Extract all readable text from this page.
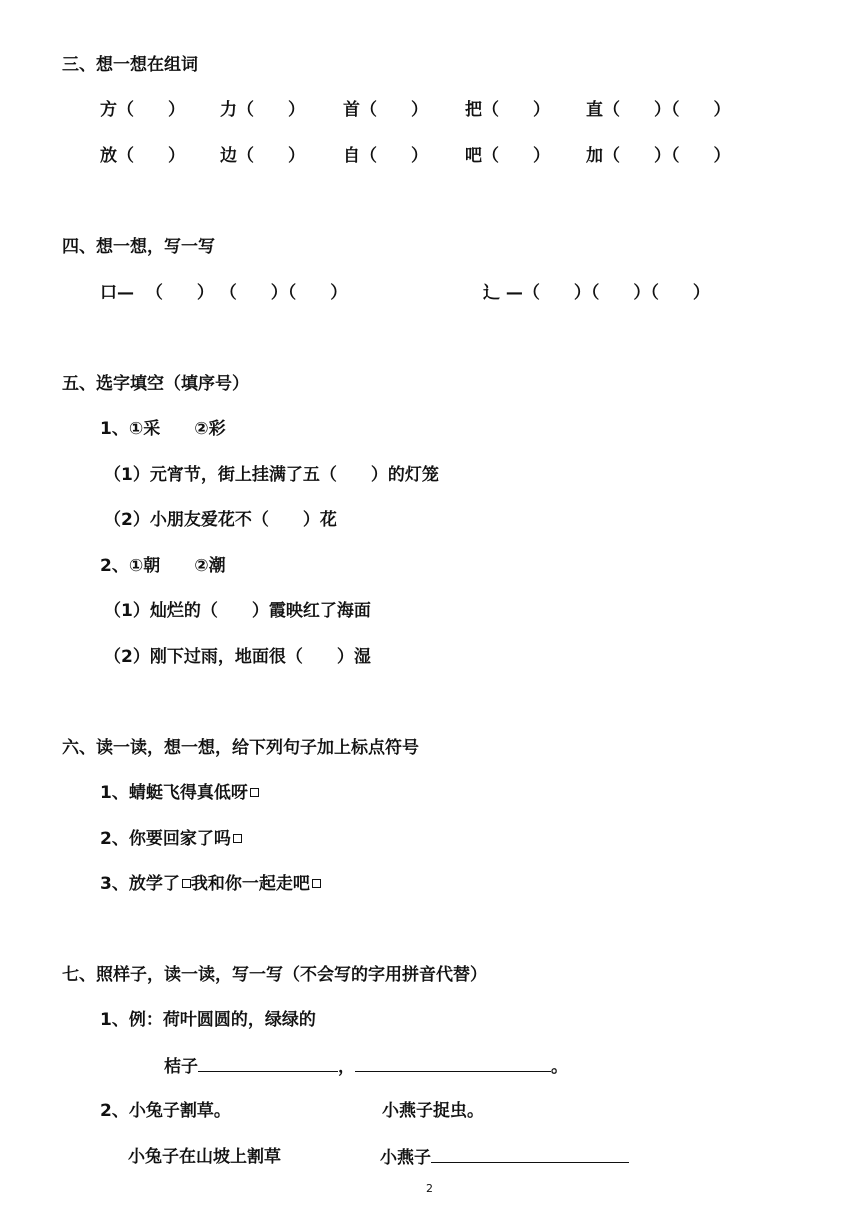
三、想一想在组词
方（　　） 力（　　） 首（　　） 把（　　） 直（　　）（　　）
放（　　） 边（　　） 自（　　） 吧（　　） 加（　　）（　　）
四、想一想，写一写
口—  （　　） （　　）（　　）	辶 —（　　）（　　）（　　）
五、选字填空（填序号）
1、①采　　②彩
（1）元宵节，街上挂满了五（　　）的灯笼
（2）小朋友爱花不（　　）花
2、①朝　　②潮
（1）灿烂的（　　）霞映红了海面
（2）刚下过雨，地面很（　　）湿
六、读一读，想一想，给下列句子加上标点符号
1、蜻蜓飞得真低呀
2、你要回家了吗
3、放学了 我和你一起走吧
七、照样子，读一读，写一写（不会写的字用拼音代替）
1、例：荷叶圆圆的，绿绿的
桔子	，	。
2、小兔子割草。	小燕子捉虫。
小兔子在山坡上割草	小燕子
2
